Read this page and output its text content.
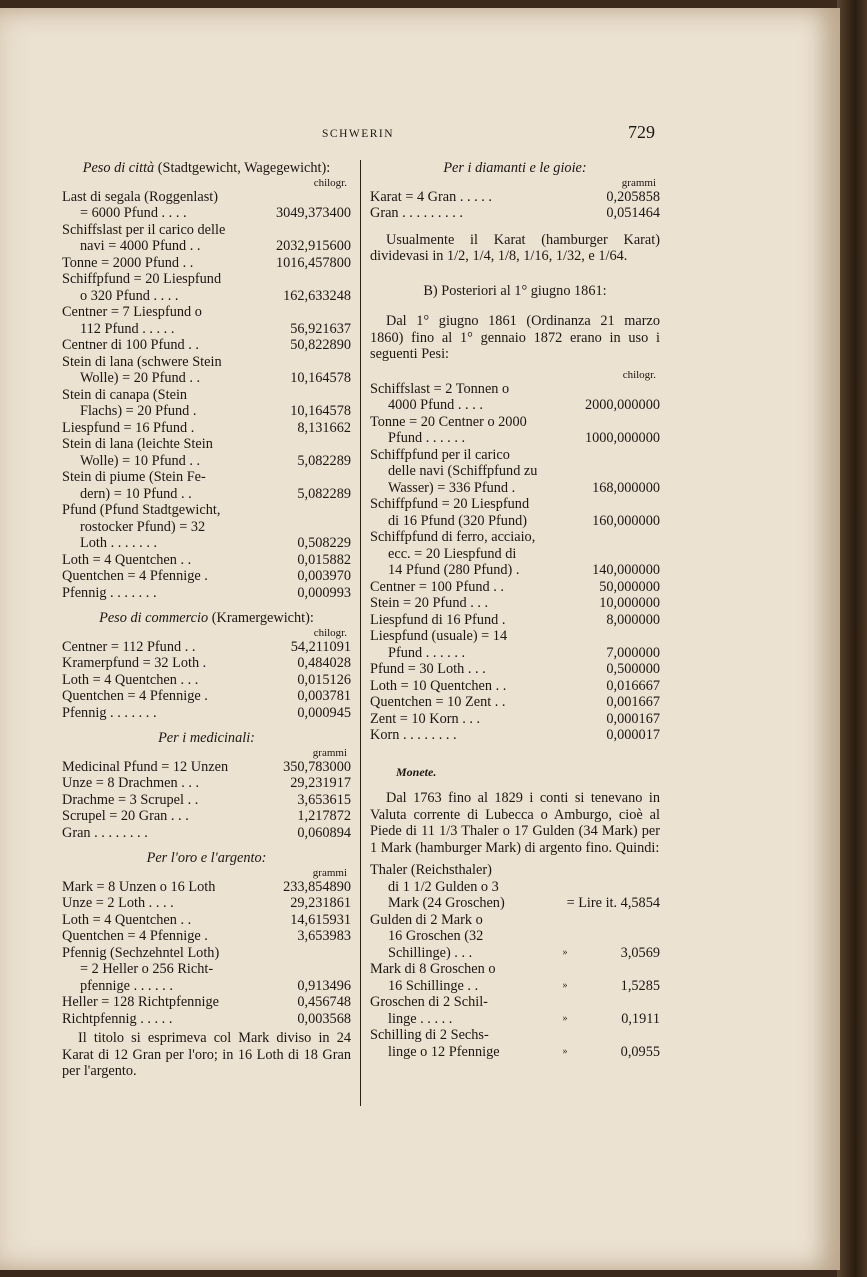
SCHWERIN	729
Peso di città (Stadtgewicht, Wagegewicht):
chilogr.
Last di segala (Roggenlast)
= 6000 Pfund . . . .	3049,373400
Schiffslast per il carico delle
navi = 4000 Pfund . .	2032,915600
Tonne = 2000 Pfund . .	1016,457800
Schiffpfund = 20 Liespfund
o 320 Pfund . . . .	162,633248
Centner = 7 Liespfund o
112 Pfund . . . . .	56,921637
Centner di 100 Pfund . .	50,822890
Stein di lana (schwere Stein
Wolle) = 20 Pfund . .	10,164578
Stein di canapa (Stein
Flachs) = 20 Pfund .	10,164578
Liespfund = 16 Pfund .	8,131662
Stein di lana (leichte Stein
Wolle) = 10 Pfund . .	5,082289
Stein di piume (Stein Fe-
dern) = 10 Pfund . .	5,082289
Pfund (Pfund Stadtgewicht,
rostocker Pfund) = 32
Loth . . . . . . .	0,508229
Loth = 4 Quentchen . .	0,015882
Quentchen = 4 Pfennige .	0,003970
Pfennig . . . . . . .	0,000993
Peso di commercio (Kramergewicht):
chilogr.
Centner = 112 Pfund . .	54,211091
Kramerpfund = 32 Loth .	0,484028
Loth = 4 Quentchen . . .	0,015126
Quentchen = 4 Pfennige .	0,003781
Pfennig . . . . . . .	0,000945
Per i medicinali:
grammi
Medicinal Pfund = 12 Unzen	350,783000
Unze = 8 Drachmen . . .	29,231917
Drachme = 3 Scrupel . .	3,653615
Scrupel = 20 Gran . . .	1,217872
Gran . . . . . . . .	0,060894
Per l'oro e l'argento:
grammi
Mark = 8 Unzen o 16 Loth	233,854890
Unze = 2 Loth . . . .	29,231861
Loth = 4 Quentchen . .	14,615931
Quentchen = 4 Pfennige .	3,653983
Pfennig (Sechzehntel Loth)
= 2 Heller o 256 Richt-
pfennige . . . . . .	0,913496
Heller = 128 Richtpfennige	0,456748
Richtpfennig . . . . .	0,003568
Il titolo si esprimeva col Mark diviso in 24 Karat di 12 Gran per l'oro; in 16 Loth di 18 Gran per l'argento.
Per i diamanti e le gioie:
grammi
Karat = 4 Gran . . . . .	0,205858
Gran . . . . . . . . .	0,051464
Usualmente il Karat (hamburger Karat) dividevasi in 1/2, 1/4, 1/8, 1/16, 1/32, e 1/64.
B) Posteriori al 1° giugno 1861:
Dal 1° giugno 1861 (Ordinanza 21 marzo 1860) fino al 1° gennaio 1872 erano in uso i seguenti Pesi:
chilogr.
Schiffslast = 2 Tonnen o
4000 Pfund . . . .	2000,000000
Tonne = 20 Centner o 2000
Pfund . . . . . .	1000,000000
Schiffpfund per il carico
delle navi (Schiffpfund zu
Wasser) = 336 Pfund .	168,000000
Schiffpfund = 20 Liespfund
di 16 Pfund (320 Pfund)	160,000000
Schiffpfund di ferro, acciaio,
ecc. = 20 Liespfund di
14 Pfund (280 Pfund) .	140,000000
Centner = 100 Pfund . .	50,000000
Stein = 20 Pfund . . .	10,000000
Liespfund di 16 Pfund .	8,000000
Liespfund (usuale) = 14
Pfund . . . . . .	7,000000
Pfund = 30 Loth . . .	0,500000
Loth = 10 Quentchen . .	0,016667
Quentchen = 10 Zent . .	0,001667
Zent = 10 Korn . . .	0,000167
Korn . . . . . . . .	0,000017
Monete.
Dal 1763 fino al 1829 i conti si tenevano in Valuta corrente di Lubecca o Amburgo, cioè al Piede di 11 1/3 Thaler o 17 Gulden (34 Mark) per 1 Mark (hamburger Mark) di argento fino. Quindi:
Thaler (Reichsthaler)
di 1 1/2 Gulden o 3
Mark (24 Groschen)	= Lire it. 4,5854
Gulden di 2 Mark o
16 Groschen (32
Schillinge) . . .	»	3,0569
Mark di 8 Groschen o
16 Schillinge . .	»	1,5285
Groschen di 2 Schil-
linge . . . . .	»	0,1911
Schilling di 2 Sechs-
linge o 12 Pfennige	»	0,0955
